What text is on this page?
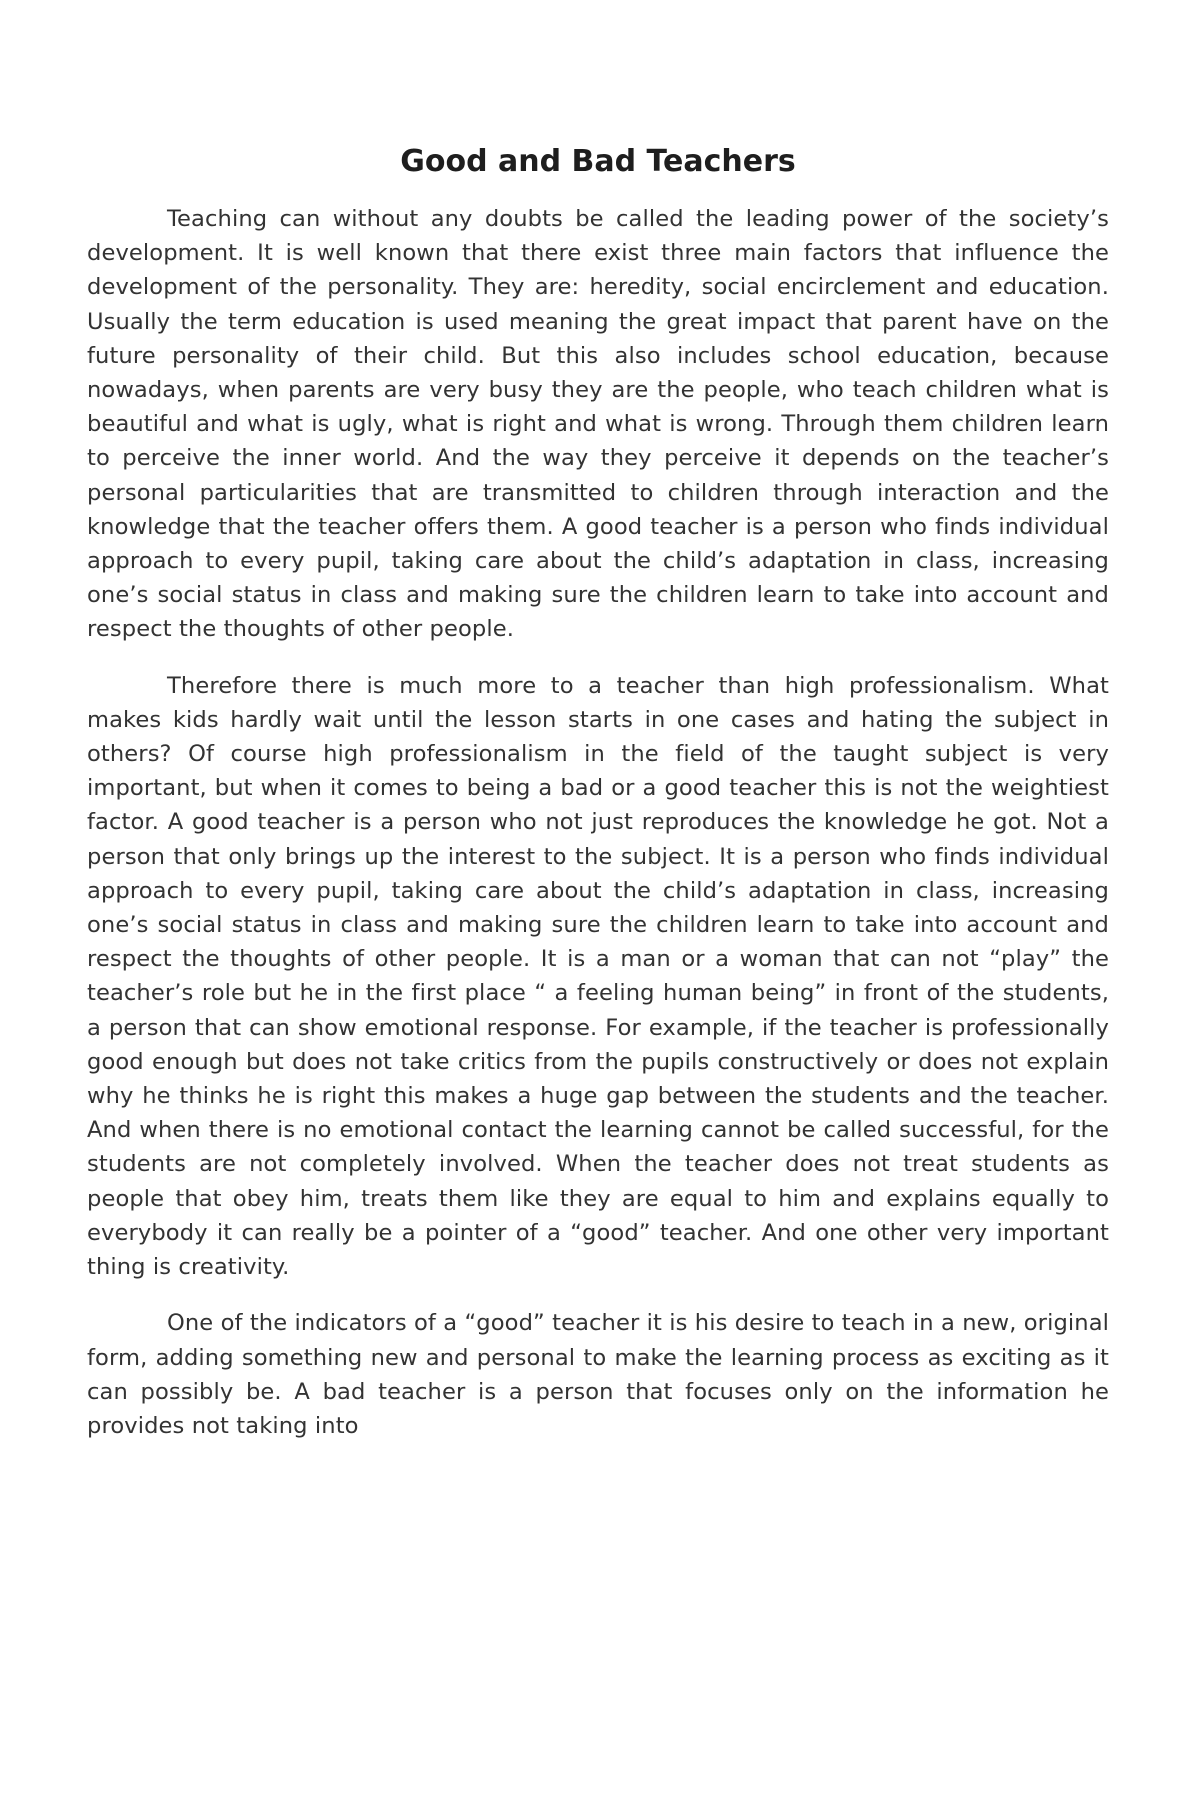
Good and Bad Teachers

Teaching can without any doubts be called the leading power of the society’s development. It is well known that there exist three main factors that influence the development of the personality. They are: heredity, social encirclement and education. Usually the term education is used meaning the great impact that parent have on the future personality of their child. But this also includes school education, because nowadays, when parents are very busy they are the people, who teach children what is beautiful and what is ugly, what is right and what is wrong. Through them children learn to perceive the inner world. And the way they perceive it depends on the teacher’s personal particularities that are transmitted to children through interaction and the knowledge that the teacher offers them. A good teacher is a person who finds individual approach to every pupil, taking care about the child’s adaptation in class, increasing one’s social status in class and making sure the children learn to take into account and respect the thoughts of other people.

Therefore there is much more to a teacher than high professionalism. What makes kids hardly wait until the lesson starts in one cases and hating the subject in others? Of course high professionalism in the field of the taught subject is very important, but when it comes to being a bad or a good teacher this is not the weightiest factor. A good teacher is a person who not just reproduces the knowledge he got. Not a person that only brings up the interest to the subject. It is a person who finds individual approach to every pupil, taking care about the child’s adaptation in class, increasing one’s social status in class and making sure the children learn to take into account and respect the thoughts of other people. It is a man or a woman that can not “play” the teacher’s role but he in the first place “ a feeling human being” in front of the students, a person that can show emotional response. For example, if the teacher is professionally good enough but does not take critics from the pupils constructively or does not explain why he thinks he is right this makes a huge gap between the students and the teacher. And when there is no emotional contact the learning cannot be called successful, for the students are not completely involved. When the teacher does not treat students as people that obey him, treats them like they are equal to him and explains equally to everybody it can really be a pointer of a “good” teacher. And one other very important thing is creativity.

One of the indicators of a “good” teacher it is his desire to teach in a new, original form, adding something new and personal to make the learning process as exciting as it can possibly be. A bad teacher is a person that focuses only on the information he provides not taking into
